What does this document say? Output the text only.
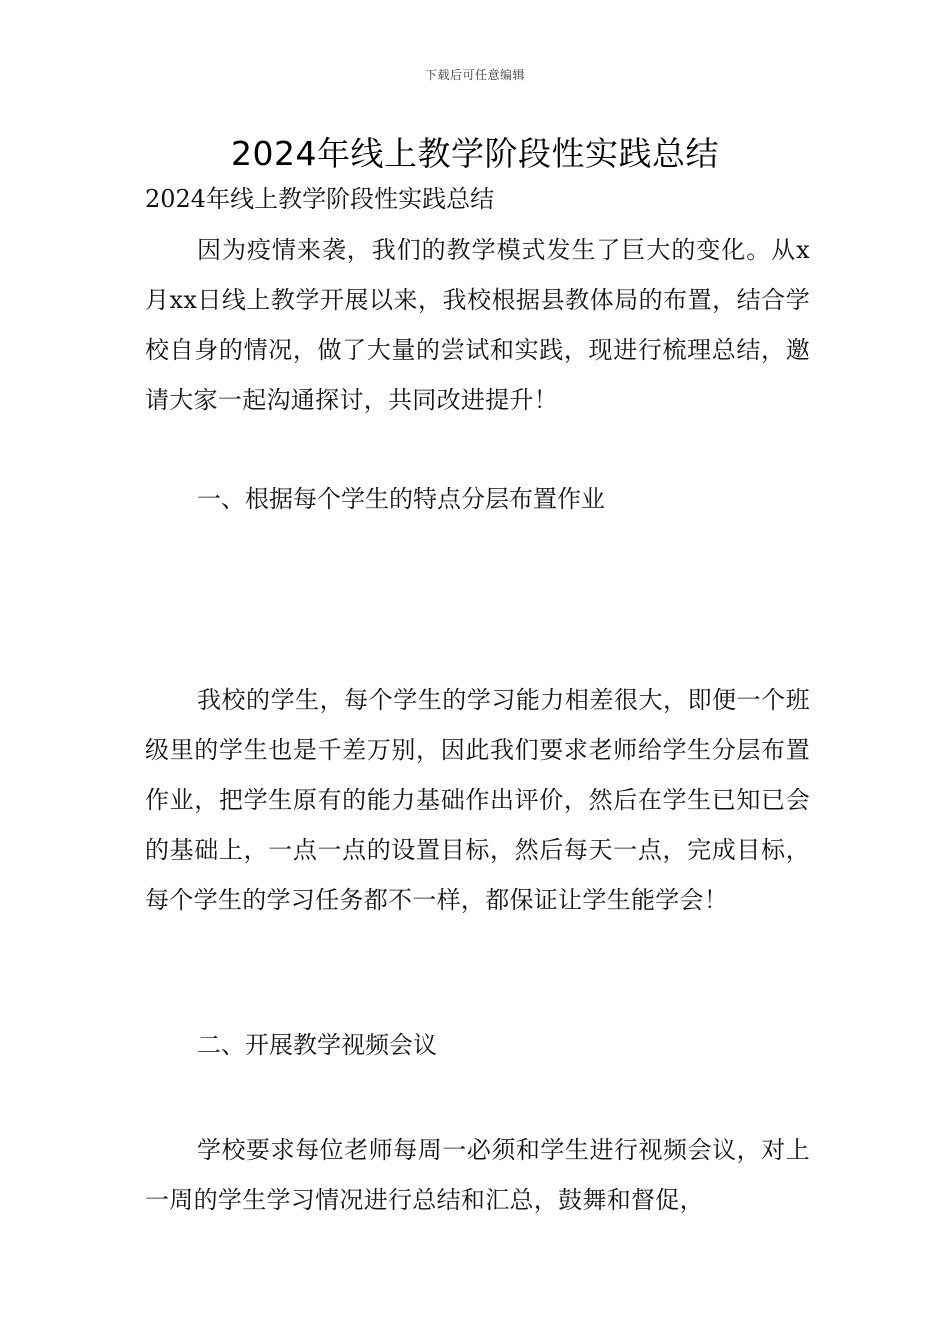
下载后可任意编辑
2024年线上教学阶段性实践总结

2024年线上教学阶段性实践总结

因为疫情来袭，我们的教学模式发生了巨大的变化。从x月xx日线上教学开展以来，我校根据县教体局的布置，结合学校自身的情况，做了大量的尝试和实践，现进行梳理总结，邀请大家一起沟通探讨，共同改进提升！

一、根据每个学生的特点分层布置作业

我校的学生，每个学生的学习能力相差很大，即便一个班级里的学生也是千差万别，因此我们要求老师给学生分层布置作业，把学生原有的能力基础作出评价，然后在学生已知已会的基础上，一点一点的设置目标，然后每天一点，完成目标，每个学生的学习任务都不一样，都保证让学生能学会！

二、开展教学视频会议

学校要求每位老师每周一必须和学生进行视频会议，对上一周的学生学习情况进行总结和汇总，鼓舞和督促，
